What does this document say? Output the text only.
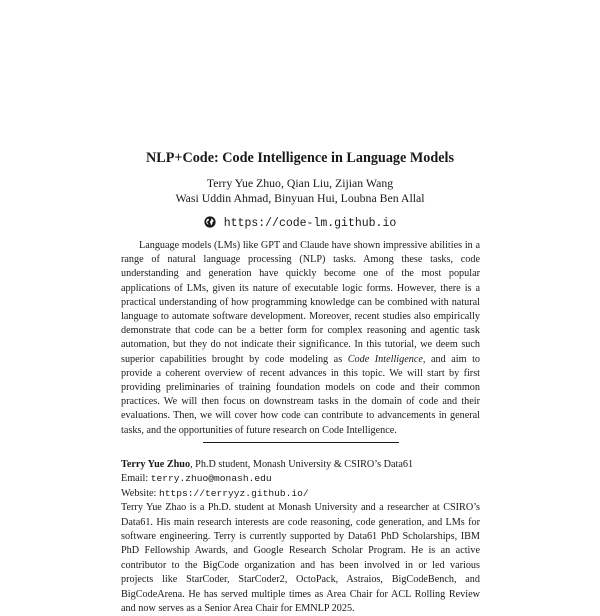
NLP+Code: Code Intelligence in Language Models
Terry Yue Zhuo, Qian Liu, Zijian Wang
Wasi Uddin Ahmad, Binyuan Hui, Loubna Ben Allal
https://code-lm.github.io

Language models (LMs) like GPT and Claude have shown impressive abilities in a range of natural language processing (NLP) tasks. Among these tasks, code understanding and generation have quickly become one of the most popular applications of LMs, given its nature of executable logic forms. However, there is a practical understanding of how programming knowledge can be combined with natural language to automate software development. Moreover, recent studies also empirically demonstrate that code can be a better form for complex reasoning and agentic task automation, but they do not indicate their significance. In this tutorial, we deem such superior capabilities brought by code modeling as Code Intelligence, and aim to provide a coherent overview of recent advances in this topic. We will start by first providing preliminaries of training foundation models on code and their common practices. We will then focus on downstream tasks in the domain of code and their evaluations. Then, we will cover how code can contribute to advancements in general tasks, and the opportunities of future research on Code Intelligence.

Terry Yue Zhuo, Ph.D student, Monash University & CSIRO’s Data61
Email: terry.zhuo@monash.edu
Website: https://terryyz.github.io/
Terry Yue Zhao is a Ph.D. student at Monash University and a researcher at CSIRO’s Data61. His main research interests are code reasoning, code generation, and LMs for software engineering. Terry is currently supported by Data61 PhD Scholarships, IBM PhD Fellowship Awards, and Google Research Scholar Program. He is an active contributor to the BigCode organization and has been involved in or led various projects like StarCoder, StarCoder2, OctoPack, Astraios, BigCodeBench, and BigCodeArena. He has served multiple times as Area Chair for ACL Rolling Review and now serves as a Senior Area Chair for EMNLP 2025.
